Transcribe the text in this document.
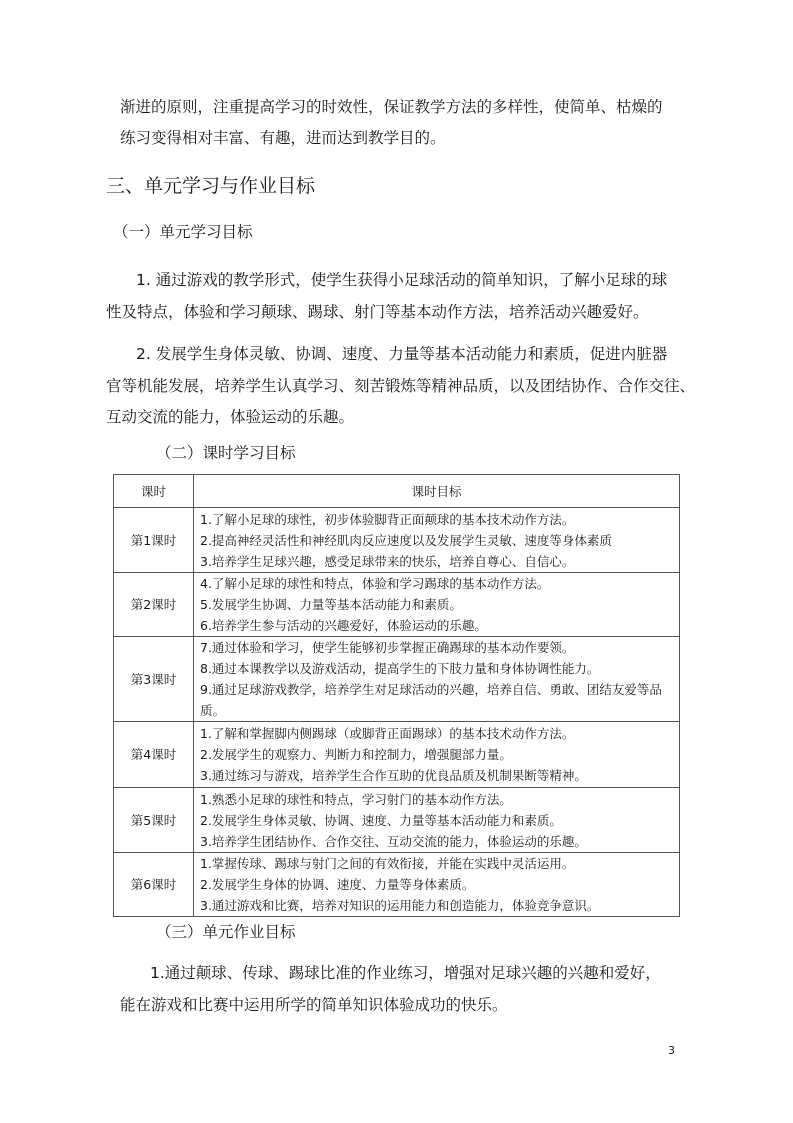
渐进的原则，注重提高学习的时效性，保证教学方法的多样性，使简单、枯燥的
练习变得相对丰富、有趣，进而达到教学目的。
三、单元学习与作业目标
（一）单元学习目标
1. 通过游戏的教学形式，使学生获得小足球活动的简单知识，了解小足球的球
性及特点，体验和学习颠球、踢球、射门等基本动作方法，培养活动兴趣爱好。
2. 发展学生身体灵敏、协调、速度、力量等基本活动能力和素质，促进内脏器
官等机能发展，培养学生认真学习、刻苦锻炼等精神品质，以及团结协作、合作交往、
互动交流的能力，体验运动的乐趣。
（二）课时学习目标
课时	课时目标
第1课时	1.了解小足球的球性，初步体验脚背正面颠球的基本技术动作方法。
2.提高神经灵活性和神经肌肉反应速度以及发展学生灵敏、速度等身体素质
3.培养学生足球兴趣，感受足球带来的快乐，培养自尊心、自信心。

第2课时	4.了解小足球的球性和特点，体验和学习踢球的基本动作方法。
5.发展学生协调、力量等基本活动能力和素质。
6.培养学生参与活动的兴趣爱好，体验运动的乐趣。

第3课时	7.通过体验和学习，使学生能够初步掌握正确踢球的基本动作要领。
8.通过本课教学以及游戏活动，提高学生的下肢力量和身体协调性能力。
9.通过足球游戏教学，培养学生对足球活动的兴趣，培养自信、勇敢、团结友爱等品质。

第4课时	1.了解和掌握脚内侧踢球（或脚背正面踢球）的基本技术动作方法。
2.发展学生的观察力、判断力和控制力，增强腿部力量。
3.通过练习与游戏，培养学生合作互助的优良品质及机制果断等精神。

第5课时	1.熟悉小足球的球性和特点，学习射门的基本动作方法。
2.发展学生身体灵敏、协调、速度、力量等基本活动能力和素质。
3.培养学生团结协作、合作交往、互动交流的能力，体验运动的乐趣。

第6课时	1.掌握传球、踢球与射门之间的有效衔接，并能在实践中灵活运用。
2.发展学生身体的协调、速度、力量等身体素质。
3.通过游戏和比赛，培养对知识的运用能力和创造能力，体验竞争意识。
（三）单元作业目标
1.通过颠球、传球、踢球比准的作业练习，增强对足球兴趣的兴趣和爱好，
能在游戏和比赛中运用所学的简单知识体验成功的快乐。
3
